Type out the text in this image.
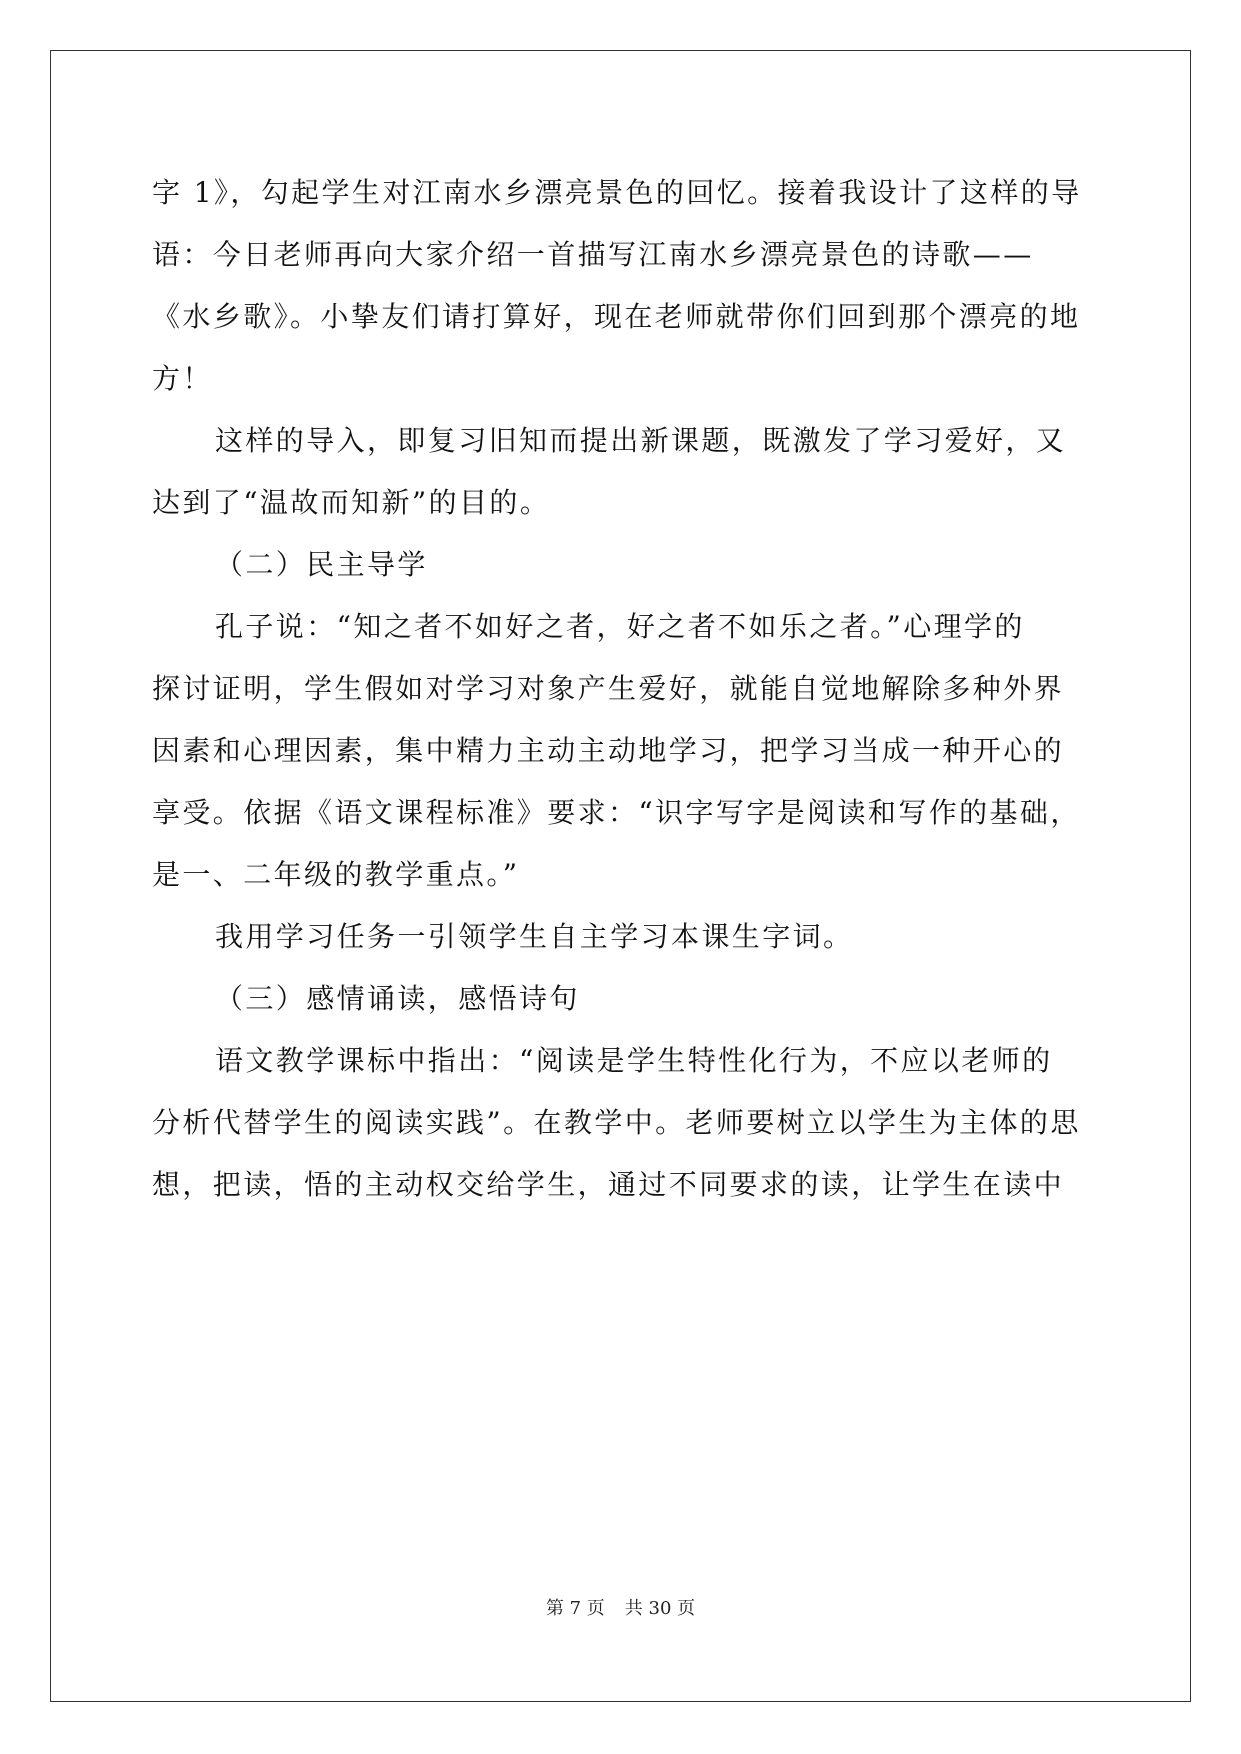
字 1》，勾起学生对江南水乡漂亮景色的回忆。接着我设计了这样的导
语：今日老师再向大家介绍一首描写江南水乡漂亮景色的诗歌——
《水乡歌》。小挚友们请打算好，现在老师就带你们回到那个漂亮的地
方！
这样的导入，即复习旧知而提出新课题，既激发了学习爱好，又
达到了“温故而知新”的目的。
（二）民主导学
孔子说：“知之者不如好之者，好之者不如乐之者。”心理学的
探讨证明，学生假如对学习对象产生爱好，就能自觉地解除多种外界
因素和心理因素，集中精力主动主动地学习，把学习当成一种开心的
享受。依据《语文课程标准》要求：“识字写字是阅读和写作的基础，
是一、二年级的教学重点。”
我用学习任务一引领学生自主学习本课生字词。
（三）感情诵读，感悟诗句
语文教学课标中指出：“阅读是学生特性化行为，不应以老师的
分析代替学生的阅读实践”。在教学中。老师要树立以学生为主体的思
想，把读，悟的主动权交给学生，通过不同要求的读，让学生在读中
第 7 页 共 30 页
